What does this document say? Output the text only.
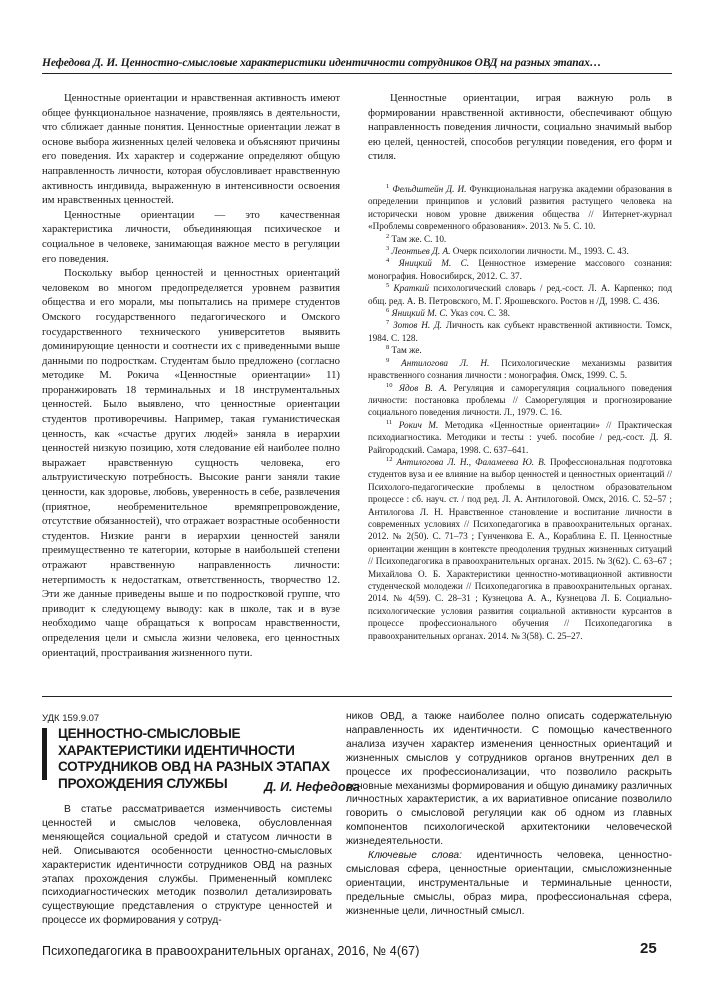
Нефедова Д. И. Ценностно-смысловые характеристики идентичности сотрудников ОВД на разных этапах…

Ценностные ориентации и нравственная активность имеют общее функциональное назначение, проявляясь в деятельности, что сближает данные понятия. Ценностные ориентации лежат в основе выбора жизненных целей человека и объясняют причины его поведения. Их характер и содержание определяют общую направленность личности, которая обусловливает нравственную активность ингдивида, выраженную в интенсивности освоения им нравственных ценностей.

Ценностные ориентации — это качественная характеристика личности, объединяющая психическое и социальное в человеке, занимающая важное место в регуляции его поведения.

Поскольку выбор ценностей и ценностных ориентаций человеком во многом предопределяется уровнем развития общества и его морали, мы попытались на примере студентов Омского государственного педагогического и Омского государственного технического университетов выявить доминирующие ценности и соотнести их с приведенными выше данными по подросткам. Студентам было предложено (согласно методике М. Рокича «Ценностные ориентации» 11) проранжировать 18 терминальных и 18 инструментальных ценностей. Было выявлено, что ценностные ориентации студентов противоречивы. Например, такая гуманистическая ценность, как «счастье других людей» заняла в иерархии ценностей низкую позицию, хотя следование ей наиболее полно выражает нравственную сущность человека, его альтруистическую потребность. Высокие ранги заняли такие ценности, как здоровье, любовь, уверенность в себе, развлечения (приятное, необременительное времяпрепровождение, отсутствие обязанностей), что отражает возрастные особенности студентов. Низкие ранги в иерархии ценностей заняли преимущественно те категории, которые в наибольшей степени отражают нравственную направленность личности: нетерпимость к недостаткам, ответственность, творчество 12. Эти же данные приведены выше и по подростковой группе, что приводит к следующему выводу: как в школе, так и в вузе необходимо чаще обращаться к вопросам нравственности, определения цели и смысла жизни человека, его ценностных ориентаций, простраивания жизненного пути.

Ценностные ориентации, играя важную роль в формировании нравственной активности, обеспечивают общую направленность поведения личности, социально значимый выбор ею целей, ценностей, способов регуляции поведения, его форм и стиля.

$^1$ Фельдштейн Д. И. Функциональная нагрузка академии образования в определении принципов и условий развития растущего человека на исторически новом уровне движения общества // Интернет-журнал «Проблемы современного образования». 2013. № 5. С. 10.

$^2$ Там же. С. 10.

$^3$ Леонтьев Д. А. Очерк психологии личности. М., 1993. С. 43.

$^4$ Яницкий М. С. Ценностное измерение массового сознания: монография. Новосибирск, 2012. С. 37.

$^5$ Краткий психологический словарь / ред.-сост. Л. А. Карпенко; под общ. ред. А. В. Петровского, М. Г. Ярошевского. Ростов н /Д, 1998. С. 436.

$^6$ Яницкий М. С. Указ соч. С. 38.

$^7$ Зотов Н. Д. Личность как субъект нравственной активности. Томск, 1984. С. 128.

$^8$ Там же.

$^9$ Антилогова Л. Н. Психологические механизмы развития нравственного сознания личности : монография. Омск, 1999. С. 5.

$^{10}$ Ядов В. А. Регуляция и саморегуляция социального поведения личности: постановка проблемы // Саморегуляция и прогнозирование социального поведения личности. Л., 1979. С. 16.

$^{11}$ Рокич М. Методика «Ценностные ориентации» // Практическая психодиагностика. Методики и тесты : учеб. пособие / ред.-сост. Д. Я. Райгородский. Самара, 1998. С. 637–641.

$^{12}$ Антилогова Л. Н., Фаламеева Ю. В. Профессиональная подготовка студентов вуза и ее влияние на выбор ценностей и ценностных ориентаций // Психолого-педагогические проблемы в целостном образовательном процессе : сб. науч. ст. / под ред. Л. А. Антилоговой. Омск, 2016. С. 52–57 ; Антилогова Л. Н. Нравственное становление и воспитание личности в современных условиях // Психопедагогика в правоохранительных органах. 2012. № 2(50). С. 71–73 ; Гунченкова Е. А., Кораблина Е. П. Ценностные ориентации женщин в контексте преодоления трудных жизненных ситуаций // Психопедагогика в правоохранительных органах. 2015. № 3(62). С. 63–67 ; Михайлова О. Б. Характеристики ценностно-мотивационной активности студенческой молодежи // Психопедагогика в правоохранительных органах. 2014. № 4(59). С. 28–31 ; Кузнецова А. А., Кузнецова Л. Б. Социально-психологические условия развития социальной активности курсантов в процессе профессионального обучения // Психопедагогика в правоохранительных органах. 2014. № 3(58). С. 25–27.

УДК 159.9.07
ЦЕННОСТНО-СМЫСЛОВЫЕ ХАРАКТЕРИСТИКИ ИДЕНТИЧНОСТИ СОТРУДНИКОВ ОВД НА РАЗНЫХ ЭТАПАХ ПРОХОЖДЕНИЯ СЛУЖБЫ	Д. И. Нефедова

В статье рассматривается изменчивость системы ценностей и смыслов человека, обусловленная меняющейся социальной средой и статусом личности в ней. Описываются особенности ценностно-смысловых характеристик идентичности сотрудников ОВД на разных этапах прохождения службы. Примененный комплекс психодиагностических методик позволил детализировать существующие представления о структуре ценностей и процессе их формирования у сотруд-

ников ОВД, а также наиболее полно описать содержательную направленность их идентичности. С помощью качественного анализа изучен характер изменения ценностных ориентаций и жизненных смыслов у сотрудников органов внутренних дел в процессе их профессионализации, что позволило раскрыть основные механизмы формирования и общую динамику различных личностных характеристик, а их вариативное описание позволило говорить о смысловой регуляции как об одном из главных компонентов психологической архитектоники человеческой жизнедеятельности.

Ключевые слова: идентичность человека, ценностно-смысловая сфера, ценностные ориентации, смысложизненные ориентации, инструментальные и терминальные ценности, предельные смыслы, образ мира, профессиональная сфера, жизненные цели, личностный смысл.

Психопедагогика в правоохранительных органах, 2016, № 4(67)	25
